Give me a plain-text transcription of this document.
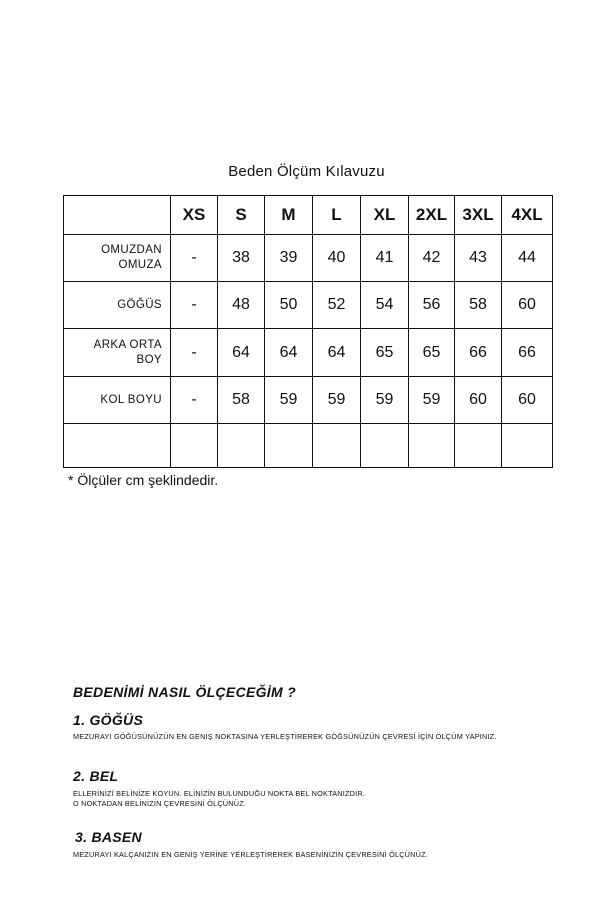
Beden Ölçüm Kılavuzu
	XS	S	M	L	XL	2XL	3XL	4XL
OMUZDAN
OMUZA	-	38	39	40	41	42	43	44
GÖĞÜS	-	48	50	52	54	56	58	60
ARKA ORTA
BOY	-	64	64	64	65	65	66	66
KOL BOYU	-	58	59	59	59	59	60	60

* Ölçüler cm şeklindedir.
BEDENİMİ NASIL ÖLÇECEĞİM ?
1. GÖĞÜS
MEZURAYI GÖĞÜSÜNÜZÜN EN GENİŞ NOKTASINA YERLEŞTİREREK GÖĞSÜNÜZÜN ÇEVRESİ İÇİN ÖLÇÜM YAPINIZ.
2. BEL
ELLERİNİZİ BELİNİZE KOYUN. ELİNİZİN BULUNDUĞU NOKTA BEL NOKTANIZDIR.
O NOKTADAN BELİNİZİN ÇEVRESİNİ ÖLÇÜNÜZ.
3. BASEN
MEZURAYI KALÇANIZIN EN GENİŞ YERİNE YERLEŞTİREREK BASENİNİZİN ÇEVRESİNİ ÖLÇÜNÜZ.
